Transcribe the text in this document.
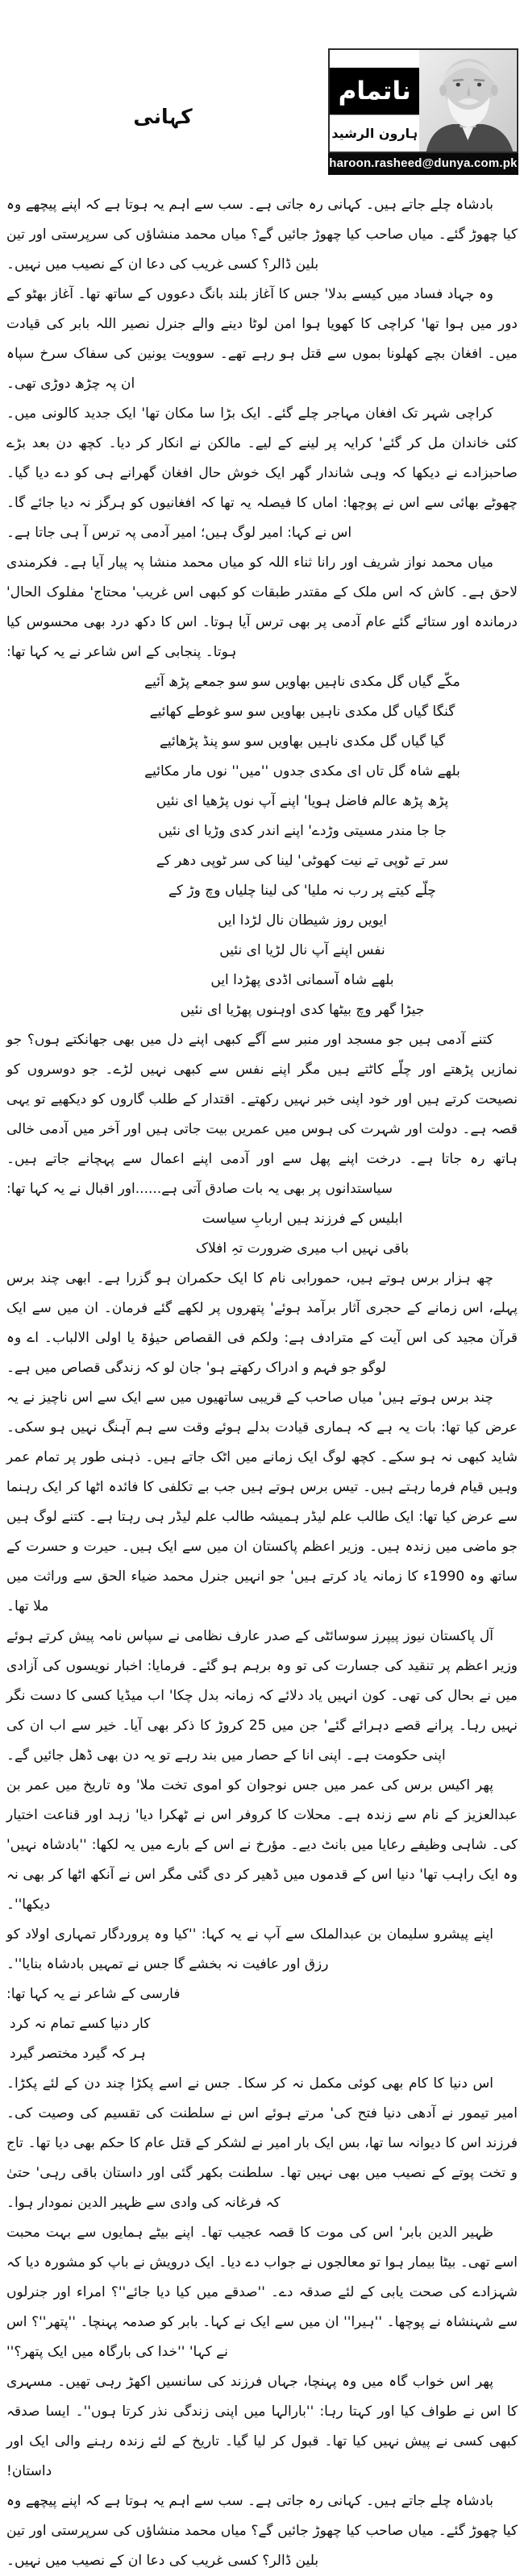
ناتمام
ہارون الرشید
haroon.rasheed@dunya.com.pk
کہانی

بادشاہ چلے جاتے ہیں۔ کہانی رہ جاتی ہے۔ سب سے اہم یہ ہوتا ہے کہ اپنے پیچھے وہ کیا چھوڑ گئے۔ میاں صاحب کیا چھوڑ جائیں گے؟ میاں محمد منشاؤں کی سرپرستی اور تین بلین ڈالر؟ کسی غریب کی دعا ان کے نصیب میں نہیں۔

وہ جہاد فساد میں کیسے بدلا' جس کا آغاز بلند بانگ دعووں کے ساتھ تھا۔ آغاز بھٹو کے دور میں ہوا تھا' کراچی کا کھویا ہوا امن لوٹا دینے والے جنرل نصیر اللہ بابر کی قیادت میں۔ افغان بچے کھلونا بموں سے قتل ہو رہے تھے۔ سوویت یونین کی سفاک سرخ سپاہ ان پہ چڑھ دوڑی تھی۔

کراچی شہر تک افغان مہاجر چلے گئے۔ ایک بڑا سا مکان تھا' ایک جدید کالونی میں۔ کئی خاندان مل کر گئے' کرایہ پر لینے کے لیے۔ مالکن نے انکار کر دیا۔ کچھ دن بعد بڑے صاحبزادے نے دیکھا کہ وہی شاندار گھر ایک خوش حال افغان گھرانے ہی کو دے دیا گیا۔ چھوٹے بھائی سے اس نے پوچھا: اماں کا فیصلہ یہ تھا کہ افغانیوں کو ہرگز نہ دیا جائے گا۔ اس نے کہا: امیر لوگ ہیں؛ امیر آدمی پہ ترس آ ہی جاتا ہے۔

میاں محمد نواز شریف اور رانا ثناء اللہ کو میاں محمد منشا پہ پیار آیا ہے۔ فکرمندی لاحق ہے۔ کاش کہ اس ملک کے مقتدر طبقات کو کبھی اس غریب' محتاج' مفلوک الحال' درماندہ اور ستائے گئے عام آدمی پر بھی ترس آیا ہوتا۔ اس کا دکھ درد بھی محسوس کیا ہوتا۔ پنجابی کے اس شاعر نے یہ کہا تھا:

مکّے گیاں گل مکدی ناہیں بھاویں سو سو جمعے پڑھ آئیے
گنگا گیاں گل مکدی ناہیں بھاویں سو سو غوطے کھائیے
گیا گیاں گل مکدی ناہیں بھاویں سو سو پنڈ پڑھائیے
بلھے شاہ گل تاں ای مکدی جدوں ''میں'' نوں مار مکائیے
پڑھ پڑھ عالم فاضل ہویا' اپنے آپ نوں پڑھیا ای نئیں
جا جا مندر مسیتی وڑدے' اپنے اندر کدی وڑیا ای نئیں
سر تے ٹوپی تے نیت کھوٹی' لینا کی سر ٹوپی دھر کے
چلّے کیتے پر رب نہ ملیا' کی لینا چلیاں وچ وڑ کے
ایویں روز شیطان نال لڑدا ایں
نفس اپنے آپ نال لڑیا ای نئیں
بلھے شاہ آسمانی اڈدی پھڑدا ایں
جیڑا گھر وچ بیٹھا کدی اوہنوں پھڑیا ای نئیں

کتنے آدمی ہیں جو مسجد اور منبر سے آگے کبھی اپنے دل میں بھی جھانکتے ہوں؟ جو نمازیں پڑھتے اور چلّے کاٹتے ہیں مگر اپنے نفس سے کبھی نہیں لڑے۔ جو دوسروں کو نصیحت کرتے ہیں اور خود اپنی خبر نہیں رکھتے۔ اقتدار کے طلب گاروں کو دیکھیے تو یہی قصہ ہے۔ دولت اور شہرت کی ہوس میں عمریں بیت جاتی ہیں اور آخر میں آدمی خالی ہاتھ رہ جاتا ہے۔ درخت اپنے پھل سے اور آدمی اپنے اعمال سے پہچانے جاتے ہیں۔ سیاستدانوں پر بھی یہ بات صادق آتی ہے......اور اقبال نے یہ کہا تھا:

ابلیس کے فرزند ہیں اربابِ سیاست
باقی نہیں اب میری ضرورت تہِ افلاک

چھ ہزار برس ہوتے ہیں، حمورابی نام کا ایک حکمران ہو گزرا ہے۔ ابھی چند برس پہلے، اس زمانے کے حجری آثار برآمد ہوئے' پتھروں پر لکھے گئے فرمان۔ ان میں سے ایک قرآن مجید کی اس آیت کے مترادف ہے: ولکم فی القصاص حیوٰۃ یا اولی الالباب۔ اے وہ لوگو جو فہم و ادراک رکھتے ہو' جان لو کہ زندگی قصاص میں ہے۔

چند برس ہوتے ہیں' میاں صاحب کے قریبی ساتھیوں میں سے ایک سے اس ناچیز نے یہ عرض کیا تھا: بات یہ ہے کہ ہماری قیادت بدلے ہوئے وقت سے ہم آہنگ نہیں ہو سکی۔ شاید کبھی نہ ہو سکے۔ کچھ لوگ ایک زمانے میں اٹک جاتے ہیں۔ ذہنی طور پر تمام عمر وہیں قیام فرما رہتے ہیں۔ تیس برس ہوتے ہیں جب بے تکلفی کا فائدہ اٹھا کر ایک رہنما سے عرض کیا تھا: ایک طالب علم لیڈر ہمیشہ طالب علم لیڈر ہی رہتا ہے۔ کتنے لوگ ہیں جو ماضی میں زندہ ہیں۔ وزیر اعظم پاکستان ان میں سے ایک ہیں۔ حیرت و حسرت کے ساتھ وہ 1990ء کا زمانہ یاد کرتے ہیں' جو انہیں جنرل محمد ضیاء الحق سے وراثت میں ملا تھا۔

آل پاکستان نیوز پیپرز سوسائٹی کے صدر عارف نظامی نے سپاس نامہ پیش کرتے ہوئے وزیر اعظم پر تنقید کی جسارت کی تو وہ برہم ہو گئے۔ فرمایا: اخبار نویسوں کی آزادی میں نے بحال کی تھی۔ کون انہیں یاد دلائے کہ زمانہ بدل چکا' اب میڈیا کسی کا دست نگر نہیں رہا۔ پرانے قصے دہرائے گئے' جن میں 25 کروڑ کا ذکر بھی آیا۔ خیر سے اب ان کی اپنی حکومت ہے۔ اپنی انا کے حصار میں بند رہے تو یہ دن بھی ڈھل جائیں گے۔

پھر اکیس برس کی عمر میں جس نوجوان کو اموی تخت ملا' وہ تاریخ میں عمر بن عبدالعزیز کے نام سے زندہ ہے۔ محلات کا کروفر اس نے ٹھکرا دیا' زہد اور قناعت اختیار کی۔ شاہی وظیفے رعایا میں بانٹ دیے۔ مؤرخ نے اس کے بارے میں یہ لکھا: ''بادشاہ نہیں' وہ ایک راہب تھا' دنیا اس کے قدموں میں ڈھیر کر دی گئی مگر اس نے آنکھ اٹھا کر بھی نہ دیکھا''۔

اپنے پیشرو سلیمان بن عبدالملک سے آپ نے یہ کہا: ''کیا وہ پروردگار تمہاری اولاد کو رزق اور عافیت نہ بخشے گا جس نے تمہیں بادشاہ بنایا''۔

فارسی کے شاعر نے یہ کہا تھا:

کار دنیا کسے تمام نہ کرد
ہر کہ گیرد مختصر گیرد

اس دنیا کا کام بھی کوئی مکمل نہ کر سکا۔ جس نے اسے پکڑا چند دن کے لئے پکڑا۔ امیر تیمور نے آدھی دنیا فتح کی' مرتے ہوئے اس نے سلطنت کی تقسیم کی وصیت کی۔ فرزند اس کا دیوانہ سا تھا، بس ایک بار امیر نے لشکر کے قتل عام کا حکم بھی دیا تھا۔ تاج و تخت پوتے کے نصیب میں بھی نہیں تھا۔ سلطنت بکھر گئی اور داستان باقی رہی' حتیٰ کہ فرغانہ کی وادی سے ظہیر الدین نمودار ہوا۔

ظہیر الدین بابر' اس کی موت کا قصہ عجیب تھا۔ اپنے بیٹے ہمایوں سے بہت محبت اسے تھی۔ بیٹا بیمار ہوا تو معالجوں نے جواب دے دیا۔ ایک درویش نے باپ کو مشورہ دیا کہ شہزادے کی صحت یابی کے لئے صدقہ دے۔ ''صدقے میں کیا دیا جائے''؟ امراء اور جنرلوں سے شہنشاہ نے پوچھا۔ ''ہیرا'' ان میں سے ایک نے کہا۔ بابر کو صدمہ پہنچا۔ ''پتھر''؟ اس نے کہا' ''خدا کی بارگاہ میں ایک پتھر؟''

پھر اس خواب گاہ میں وہ پہنچا، جہاں فرزند کی سانسیں اکھڑ رہی تھیں۔ مسہری کا اس نے طواف کیا اور کہتا رہا: ''بارالہا میں اپنی زندگی نذر کرتا ہوں''۔ ایسا صدقہ کبھی کسی نے پیش نہیں کیا تھا۔ قبول کر لیا گیا۔ تاریخ کے لئے زندہ رہنے والی ایک اور داستان!

بادشاہ چلے جاتے ہیں۔ کہانی رہ جاتی ہے۔ سب سے اہم یہ ہوتا ہے کہ اپنے پیچھے وہ کیا چھوڑ گئے۔ میاں صاحب کیا چھوڑ جائیں گے؟ میاں محمد منشاؤں کی سرپرستی اور تین بلین ڈالر؟ کسی غریب کی دعا ان کے نصیب میں نہیں۔
